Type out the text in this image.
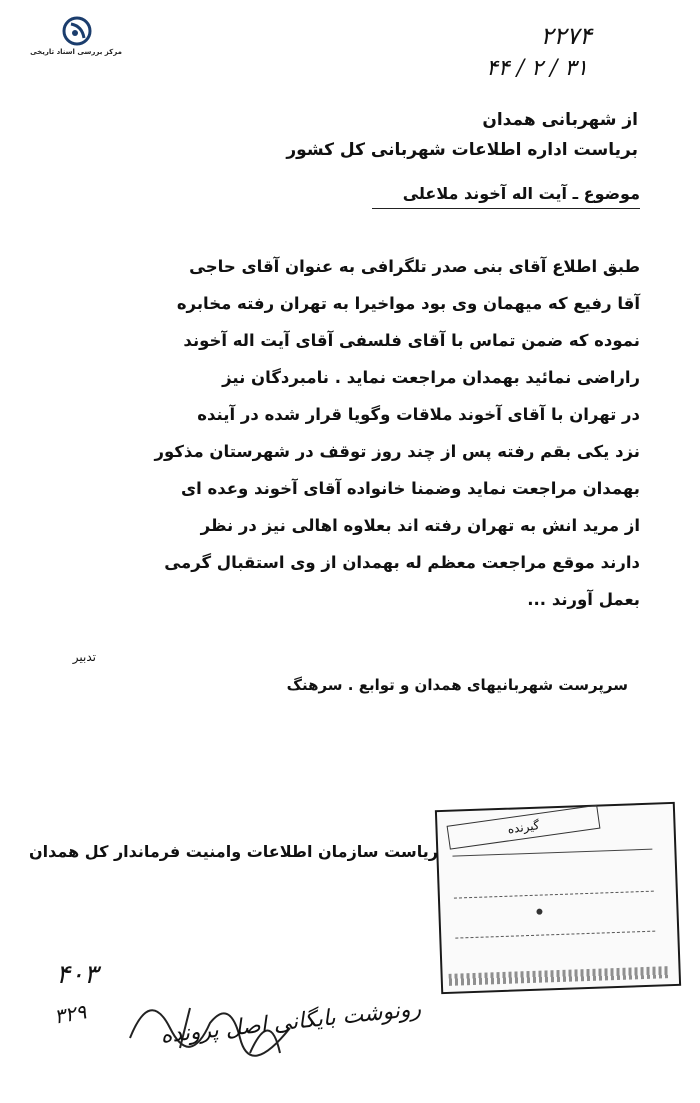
مرکز بررسی اسناد تاریخی
۲۲۷۴
۳۱ / ۲ / ۴۴
از شهربانی همدان
بریاست اداره اطلاعات شهربانی کل کشور
موضوع ـ آیت اله آخوند ملاعلی
طبق اطلاع آقای بنی صدر تلگرافی به عنوان آقای حاجی
آقا رفیع که میهمان وی بود مواخیرا به تهران رفته مخابره
نموده که ضمن تماس با آقای فلسفی آقای آیت اله آخوند
راراضی نمائید بهمدان مراجعت نماید . نامبردگان نیز
در تهران با آقای آخوند ملاقات وگویا قرار شده در آینده
نزد یکی بقم رفته پس از چند روز توقف در شهرستان مذکور
بهمدان مراجعت نماید وضمنا خانواده آقای آخوند وعده ای
از مرید انش به تهران رفته اند بعلاوه اهالی نیز در نظر
دارند موقع مراجعت معظم له بهمدان از وی استقبال گرمی
بعمل آورند ...
تدبیر
سرپرست شهربانیهای همدان و توابع . سرهنگ
گیرنده
ریاست سازمان اطلاعات وامنیت فرماندار کل همدان
۴۰۳
۳۲۹	رونوشت بایگانی اصل پرونده
